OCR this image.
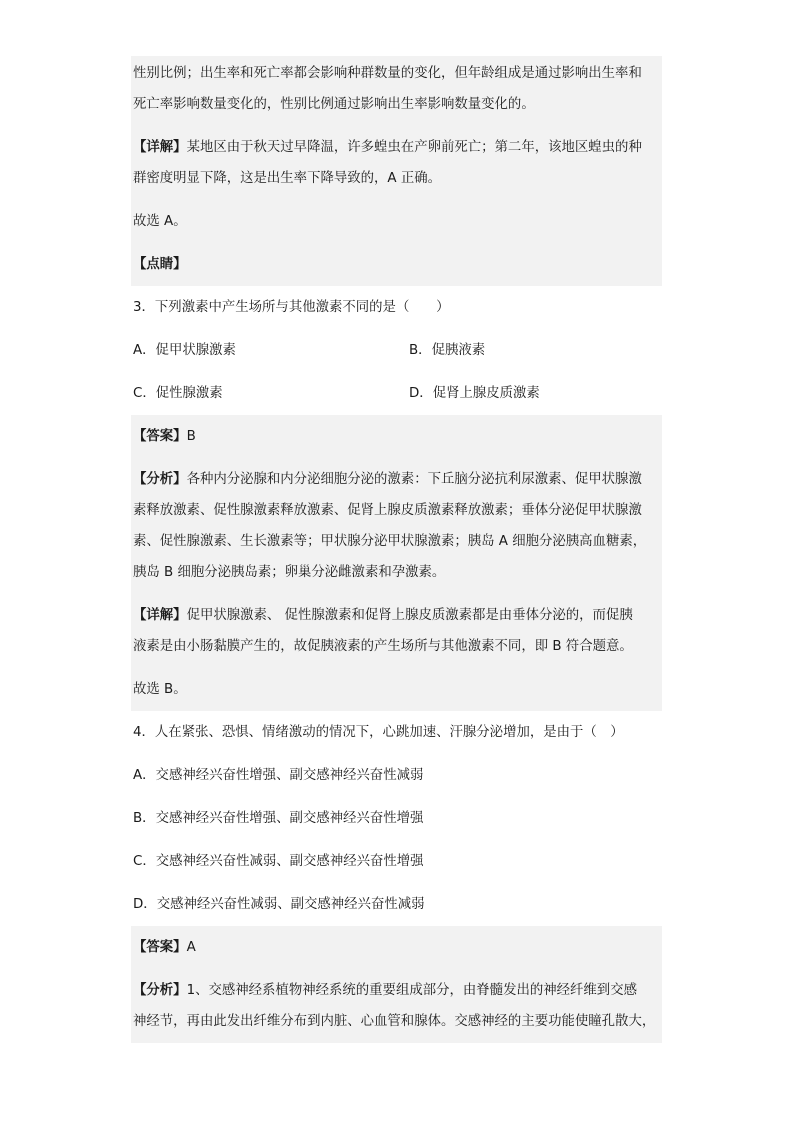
性别比例；出生率和死亡率都会影响种群数量的变化，但年龄组成是通过影响出生率和
死亡率影响数量变化的，性别比例通过影响出生率影响数量变化的。
【详解】某地区由于秋天过早降温，许多蝗虫在产卵前死亡；第二年，该地区蝗虫的种
群密度明显下降，这是出生率下降导致的，A 正确。
故选 A。
【点睛】
3．下列激素中产生场所与其他激素不同的是（　　）
A．促甲状腺激素	B．促胰液素
C．促性腺激素	D．促肾上腺皮质激素
【答案】B
【分析】各种内分泌腺和内分泌细胞分泌的激素：下丘脑分泌抗利尿激素、促甲状腺激
素释放激素、促性腺激素释放激素、促肾上腺皮质激素释放激素；垂体分泌促甲状腺激
素、促性腺激素、生长激素等；甲状腺分泌甲状腺激素；胰岛 A 细胞分泌胰高血糖素，
胰岛 B 细胞分泌胰岛素；卵巢分泌雌激素和孕激素。
【详解】促甲状腺激素、 促性腺激素和促肾上腺皮质激素都是由垂体分泌的，而促胰
液素是由小肠黏膜产生的，故促胰液素的产生场所与其他激素不同，即 B 符合题意。
故选 B。
4．人在紧张、恐惧、情绪激动的情况下，心跳加速、汗腺分泌增加，是由于（　）
A．交感神经兴奋性增强、副交感神经兴奋性减弱
B．交感神经兴奋性增强、副交感神经兴奋性增强
C．交感神经兴奋性减弱、副交感神经兴奋性增强
D．交感神经兴奋性减弱、副交感神经兴奋性减弱
【答案】A
【分析】1、交感神经系植物神经系统的重要组成部分，由脊髓发出的神经纤维到交感
神经节，再由此发出纤维分布到内脏、心血管和腺体。交感神经的主要功能使瞳孔散大，
